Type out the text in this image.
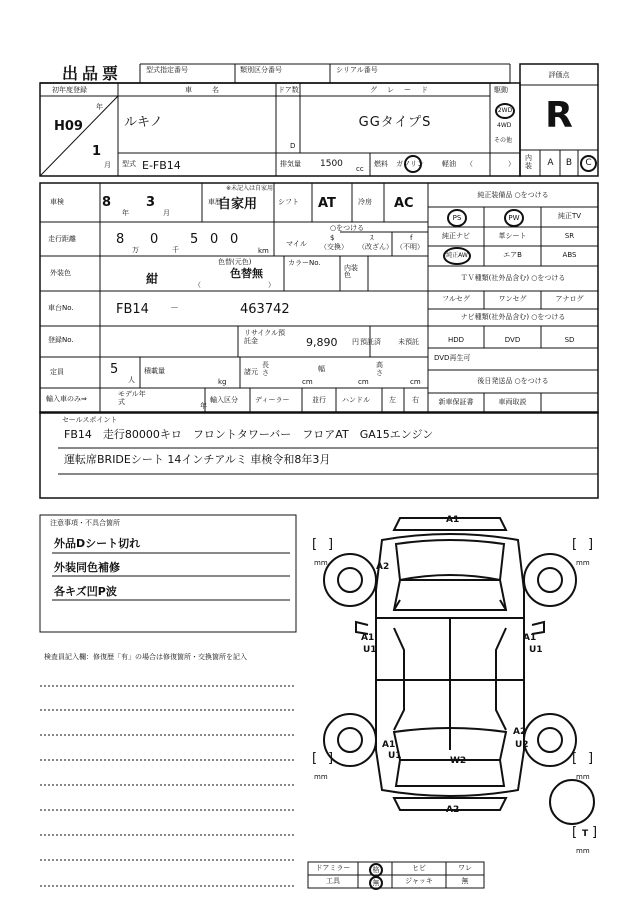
A1
A2
A1
U1
A1
U1
A2
U2
A1
U1	W2
A2
[ ]
mm
[ ]
mm
[ ]
mm
[ ]
mm
[ T ]
mm
出品票	型式指定番号	類別区分番号	シリアル番号
評価点
R
内装	A	B	C
初年度登録	車名	ドア数	グレード	駆動
H09
年
1
月
ルキノ
D
GGタイプS
2WD
4WD
その他
型式 E-FB14	排気量 1500 cc
燃料 ガソリン	軽油 （	）
車検	8
年
3
月
車歴
※未記入は自家用
自家用	シフト AT	冷房 AC
走行距離	8
万
0
千
5 0 0
km
マイル
○をつける
$
（交換）
ｽ
（改ざん）
f
（不明）
外装色	紺
色替(元色)
色替無
（	）
カラーNo.
内装色
車台No.	FB14 －	463742
登録No.
リサイクル預託金	9,890 円 預託済 未預託
定員	5
人
積載量
kg
諸元
長さ
cm
幅
cm
高さ
cm
輸入車のみ⇒
モデル年式
年
輸入区分 ディーラー	並行 ハンドル	左 右
純正装備品 ○をつける
PS	PW	純正TV
純正ナビ	革シート	SR
純正AW	エアB	ABS
ＴＶ種類(社外品含む) ○をつける
フルセグ	ワンセグ	アナログ
ナビ種類(社外品含む) ○をつける
HDD	DVD	SD
DVD再生可
後日発送品 ○をつける
新車保証書	車両取説
セールスポイント
FB14　走行80000キロ　フロントタワーバー　フロアAT　GA15エンジン
運転席BRIDEシート 14インチアルミ 車検令和8年3月
注意事項・不具合箇所
外品Dシート切れ
外装同色補修
各キズ凹P波
検査員記入欄：修復歴「有」の場合は修復箇所・交換箇所を記入
ドアミラー	格	ヒビ	ワレ
工具	無	ジャッキ	無
